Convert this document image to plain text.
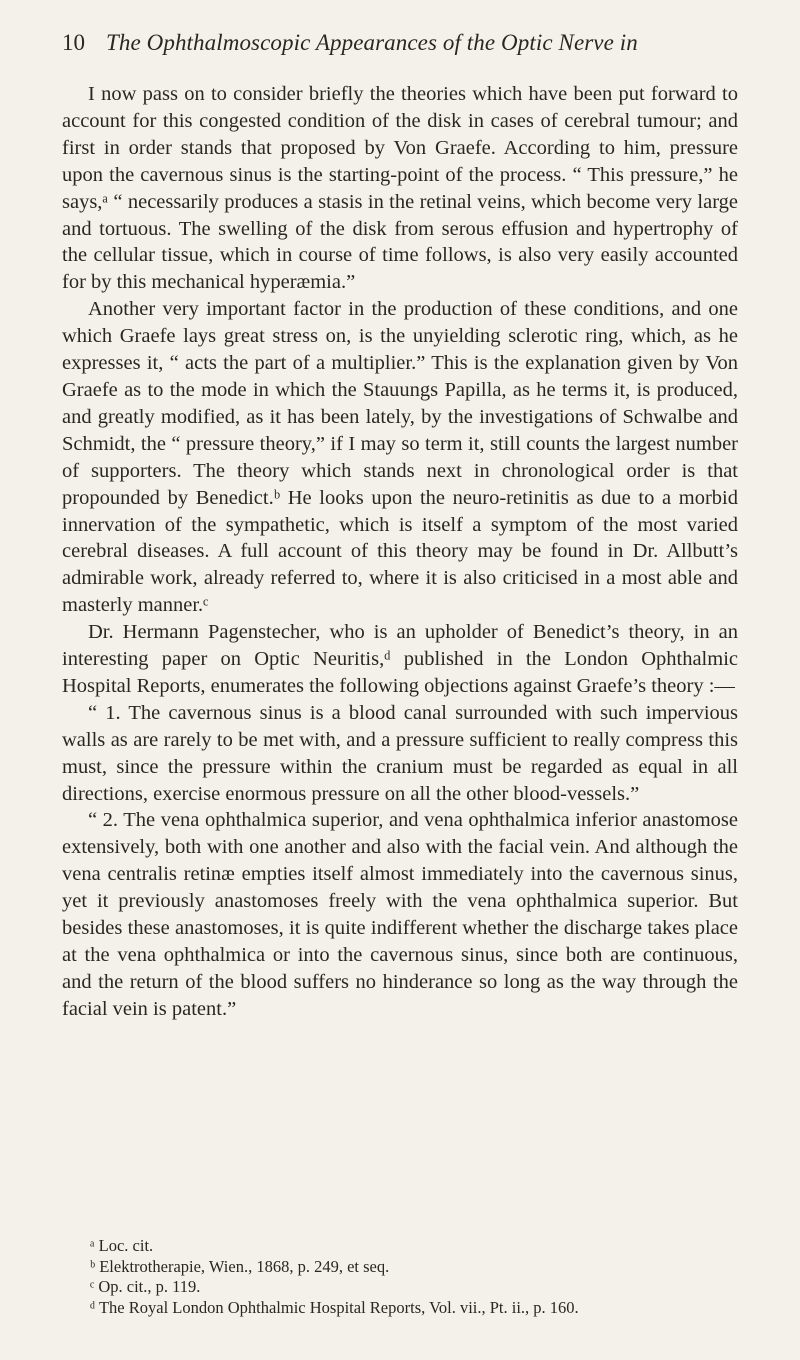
10 The Ophthalmoscopic Appearances of the Optic Nerve in

I now pass on to consider briefly the theories which have been put forward to account for this congested condition of the disk in cases of cerebral tumour; and first in order stands that proposed by Von Graefe. According to him, pressure upon the cavernous sinus is the starting-point of the process. “ This pressure,” he says,ᵃ “ necessarily produces a stasis in the retinal veins, which become very large and tortuous. The swelling of the disk from serous effusion and hypertrophy of the cellular tissue, which in course of time follows, is also very easily accounted for by this mechanical hyperæmia.”

Another very important factor in the production of these conditions, and one which Graefe lays great stress on, is the unyielding sclerotic ring, which, as he expresses it, “ acts the part of a multiplier.” This is the explanation given by Von Graefe as to the mode in which the Stauungs Papilla, as he terms it, is produced, and greatly modified, as it has been lately, by the investigations of Schwalbe and Schmidt, the “ pressure theory,” if I may so term it, still counts the largest number of supporters. The theory which stands next in chronological order is that propounded by Benedict.ᵇ He looks upon the neuro-retinitis as due to a morbid innervation of the sympathetic, which is itself a symptom of the most varied cerebral diseases. A full account of this theory may be found in Dr. Allbutt’s admirable work, already referred to, where it is also criticised in a most able and masterly manner.ᶜ

Dr. Hermann Pagenstecher, who is an upholder of Benedict’s theory, in an interesting paper on Optic Neuritis,ᵈ published in the London Ophthalmic Hospital Reports, enumerates the following objections against Graefe’s theory :—

“ 1. The cavernous sinus is a blood canal surrounded with such impervious walls as are rarely to be met with, and a pressure sufficient to really compress this must, since the pressure within the cranium must be regarded as equal in all directions, exercise enormous pressure on all the other blood-vessels.”

“ 2. The vena ophthalmica superior, and vena ophthalmica inferior anastomose extensively, both with one another and also with the facial vein. And although the vena centralis retinæ empties itself almost immediately into the cavernous sinus, yet it previously anastomoses freely with the vena ophthalmica superior. But besides these anastomoses, it is quite indifferent whether the discharge takes place at the vena ophthalmica or into the cavernous sinus, since both are continuous, and the return of the blood suffers no hinderance so long as the way through the facial vein is patent.”

ᵃ Loc. cit.
ᵇ Elektrotherapie, Wien., 1868, p. 249, et seq.
ᶜ Op. cit., p. 119.
ᵈ The Royal London Ophthalmic Hospital Reports, Vol. vii., Pt. ii., p. 160.
